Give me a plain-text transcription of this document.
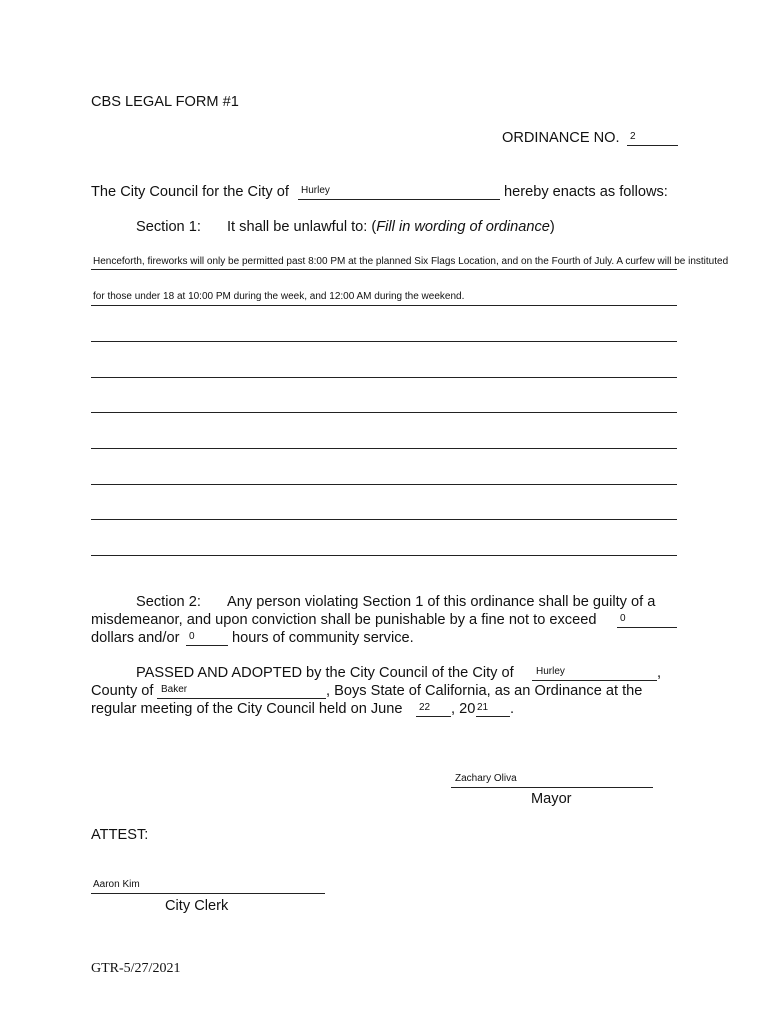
CBS LEGAL FORM #1
ORDINANCE NO. 2
The City Council for the City of Hurley	hereby enacts as follows:
Section 1: It shall be unlawful to: (Fill in wording of ordinance)
Henceforth, fireworks will only be permitted past 8:00 PM at the planned Six Flags Location, and on the Fourth of July. A curfew will be instituted
for those under 18 at 10:00 PM during the week, and 12:00 AM during the weekend.
Section 2: Any person violating Section 1 of this ordinance shall be guilty of a
misdemeanor, and upon conviction shall be punishable by a fine not to exceed 0
dollars and/or 0	hours of community service.
PASSED AND ADOPTED by the City Council of the City of Hurley	,
County of Baker	, Boys State of California, as an Ordinance at the
regular meeting of the City Council held on June 22 , 20 21 .
Zachary Oliva
Mayor
ATTEST:
Aaron Kim
City Clerk
GTR-5/27/2021
